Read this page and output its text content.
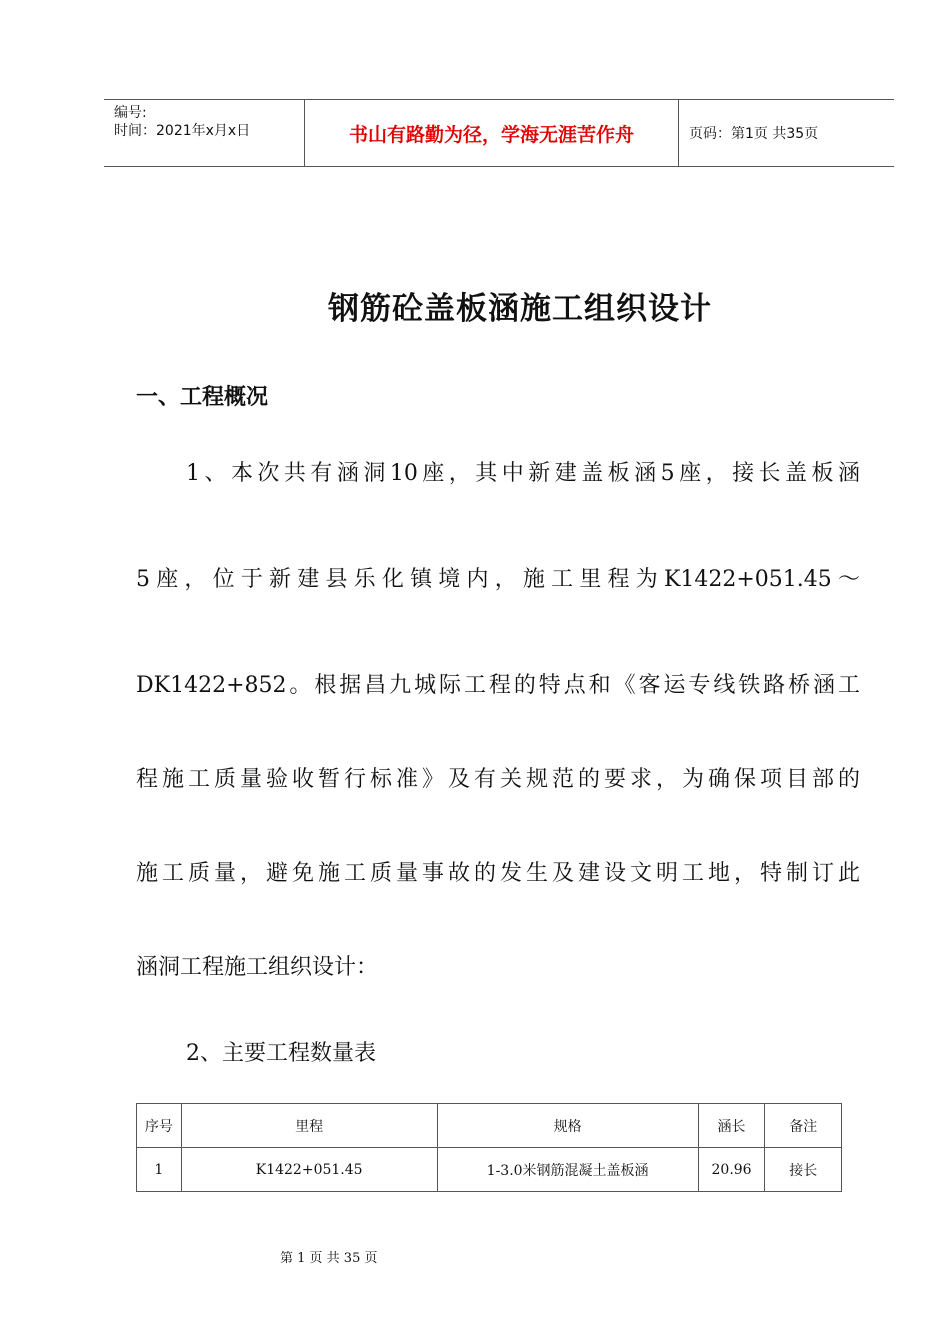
编号:
时间：2021年x月x日	书山有路勤为径，学海无涯苦作舟	页码：第1页 共35页
钢筋砼盖板涵施工组织设计
一、工程概况
1、本次共有涵洞10座，其中新建盖板涵5座，接长盖板涵
5座，位于新建县乐化镇境内，施工里程为K1422+051.45～
DK1422+852。根据昌九城际工程的特点和《客运专线铁路桥涵工
程施工质量验收暂行标准》及有关规范的要求，为确保项目部的
施工质量，避免施工质量事故的发生及建设文明工地，特制订此
涵洞工程施工组织设计：
2、主要工程数量表
序号	里程	规格	涵长	备注
1	K1422+051.45	1-3.0米钢筋混凝土盖板涵	20.96	接长
第 1 页 共 35 页
